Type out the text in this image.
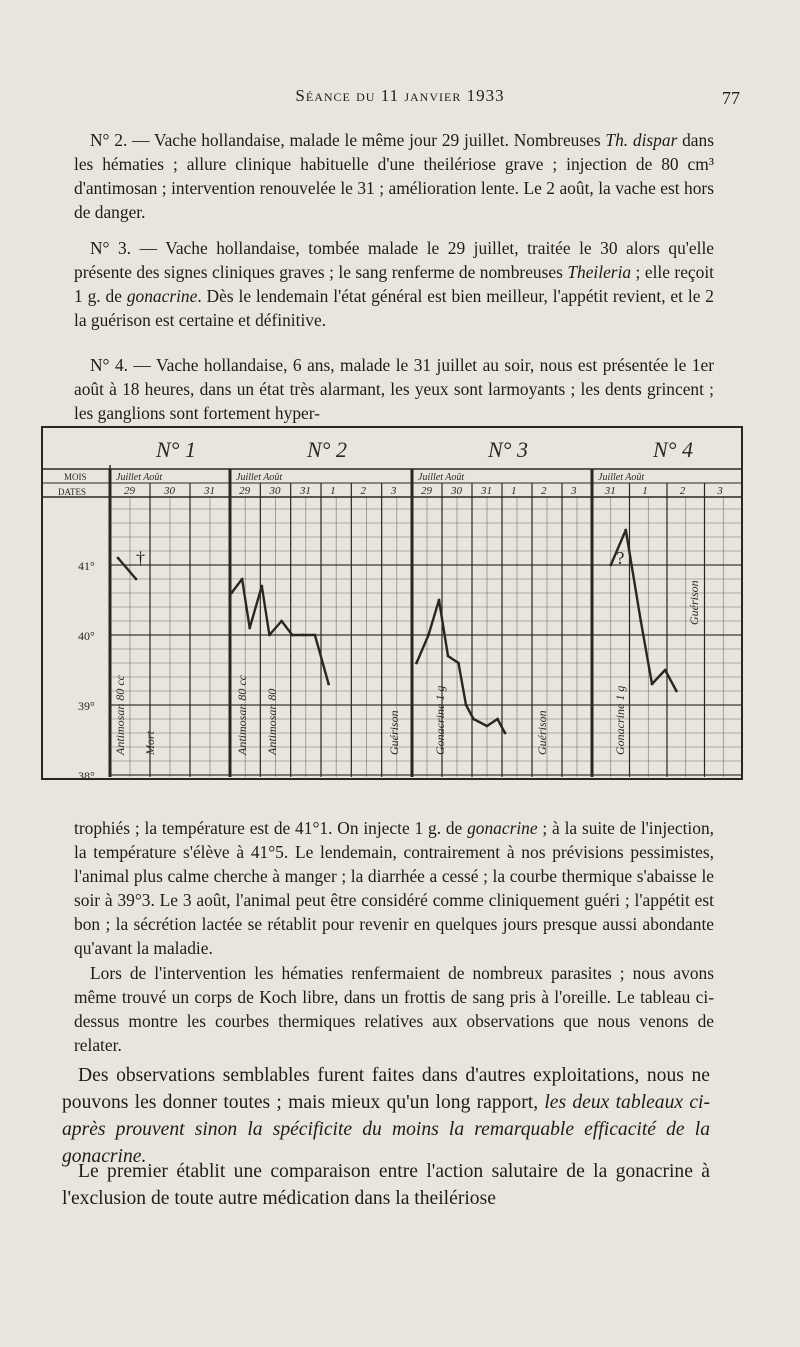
Séance du 11 janvier 1933	77

N° 2. — Vache hollandaise, malade le même jour 29 juillet. Nombreuses Th. dispar dans les hématies ; allure clinique habituelle d'une theilériose grave ; injection de 80 cm³ d'antimosan ; intervention renouvelée le 31 ; amélioration lente. Le 2 août, la vache est hors de danger.

N° 3. — Vache hollandaise, tombée malade le 29 juillet, traitée le 30 alors qu'elle présente des signes cliniques graves ; le sang renferme de nombreuses Theileria ; elle reçoit 1 g. de gonacrine. Dès le lendemain l'état général est bien meilleur, l'appétit revient, et le 2 la guérison est certaine et définitive.

N° 4. — Vache hollandaise, 6 ans, malade le 31 juillet au soir, nous est présentée le 1er août à 18 heures, dans un état très alarmant, les yeux sont larmoyants ; les dents grincent ; les ganglions sont fortement hyper-

MOIS
DATES
41°
40°
39°
38°
N° 1
Juillet Août
29	30	31
Antimosan 80 cc Mort
†
N° 2
Juillet Août
29 30 31 1 2 3
Antimosan 80 cc Antimosan 80	Guérison
N° 3
Juillet Août
29 30 31 1 2 3
Gonacrine 1 g	Guérison
N° 4
Juillet Août
31 1	2	3
Gonacrine 1 g
Guérison
?

trophiés ; la température est de 41°1. On injecte 1 g. de gonacrine ; à la suite de l'injection, la température s'élève à 41°5. Le lendemain, contrairement à nos prévisions pessimistes, l'animal plus calme cherche à manger ; la diarrhée a cessé ; la courbe thermique s'abaisse le soir à 39°3. Le 3 août, l'animal peut être considéré comme cliniquement guéri ; l'appétit est bon ; la sécrétion lactée se rétablit pour revenir en quelques jours presque aussi abondante qu'avant la maladie.

Lors de l'intervention les hématies renfermaient de nombreux parasites ; nous avons même trouvé un corps de Koch libre, dans un frottis de sang pris à l'oreille. Le tableau ci-dessus montre les courbes thermiques relatives aux observations que nous venons de relater.

Des observations semblables furent faites dans d'autres exploitations, nous ne pouvons les donner toutes ; mais mieux qu'un long rapport, les deux tableaux ci-après prouvent sinon la spécificite du moins la remarquable efficacité de la gonacrine.

Le premier établit une comparaison entre l'action salutaire de la gonacrine à l'exclusion de toute autre médication dans la theilériose
